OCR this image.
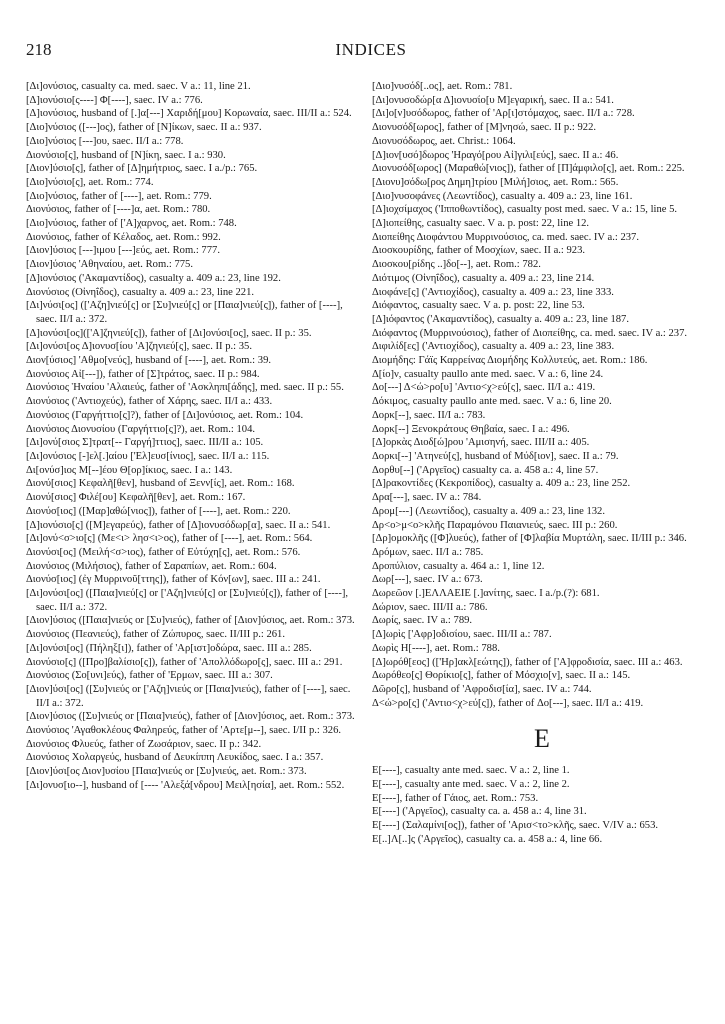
218	INDICES

[Δι]ονύσιος, casualty ca. med. saec. V a.: 11, line 21.

[Δ]ιονύσιο[ς----] Φ[----], saec. IV a.: 776.

[Δ]ιονύσιος, husband of [.]α[---] Χαριδή[μου] Κορωναία, saec. III/II a.: 524.

[Διο]νύσιος ([---]ος), father of [Ν]ίκων, saec. II a.: 937.

[Διο]νύσιος [---]ου, saec. II/I a.: 778.

Διονύσιο[ς], husband of [Ν]ίκη, saec. I a.: 930.

[Διον]ύσιο[ς], father of [Δ]ημήτριος, saec. I a./p.: 765.

[Διο]νύσιο[ς], aet. Rom.: 774.

[Διο]νύσιος, father of [----], aet. Rom.: 779.

Διονύσιος, father of [----]α, aet. Rom.: 780.

[Διο]νύσιος, father of ['Α]χαρνος, aet. Rom.: 748.

Διονύσιος, father of Κέλαδος, aet. Rom.: 992.

[Διον]ύσιος [---]ιμου [---]εύς, aet. Rom.: 777.

[Διον]ύσιος 'Αθηναίου, aet. Rom.: 775.

[Δ]ιονύσιος ('Ακαμαντίδος), casualty a. 409 a.: 23, line 192.

Διονύσιος (Οἰνηΐδος), casualty a. 409 a.: 23, line 221.

[Δι]νύσι[ος] (['Αζη]νιεύ[ς] or [Συ]νιεύ[ς] or [Παια]νιεύ[ς]), father of [----], saec. II/I a.: 372.

[Δ]ιονύσι[ος](['Α]ζηνιεύ[ς]), father of [Δι]ονύσι[ος], saec. II p.: 35.

[Δι]ονύσι[ος Δ]ιονυσ[ίου 'Α]ζηνιεύ[ς], saec. II p.: 35.

Διον[ύσιος] 'Αθμο[νεύς], husband of [----], aet. Rom.: 39.

Διονύσιος Αἰ[---]), father of [Σ]τράτος, saec. II p.: 984.

Διονύσιος Ἡναίου 'Αλαιεύς, father of 'Ασκληπι[άδης], med. saec. II p.: 55.

Διονύσιος ('Αντιοχεύς), father of Χάρης, saec. II/I a.: 433.

Διονύσιος (Γαργήττιο[ς]?), father of [Δι]ονύσιος, aet. Rom.: 104.

Διονύσιος Διονυσίου (Γαργήττιο[ς]?), aet. Rom.: 104.

[Δι]ονύ[σιος Σ]τρατ[-- Γαργή]ττιος], saec. III/II a.: 105.

[Δι]ονύσιος [-]ελ[.]αίου ['Ελ]ευσ[ίνιος], saec. II/I a.: 115.

Δι[ονύσ]ιος Μ[--]έου Θ[ορ]ίκιος, saec. I a.: 143.

Διονύ[σιος] Κεφαλῆ[θεν], husband of Ξενν[ίς], aet. Rom.: 168.

Διονύ[σιος] Φιλέ[ου] Κεφαλῆ[θεν], aet. Rom.: 167.

Διονύσ[ιος] ([Μαρ]αθώ[νιος]), father of [----], aet. Rom.: 220.

[Δ]ιονύσιο[ς] ([Μ]εγαρεύς), father of [Δ]ιονυσόδωρ[α], saec. II a.: 541.

[Δι]ονύ<σ>ιο[ς] (Με<ι> λησ<ι>ος), father of [----], aet. Rom.: 564.

Διονύσι[ος] (Μειλή<σ>ιος), father of Εὐτύχη[ς], aet. Rom.: 576.

Διονύσιος (Μιλήσιος), father of Σαραπίων, aet. Rom.: 604.

Διονύσ[ιος] (ἐγ Μυρρινοῦ[ττης]), father of Κόν[ων], saec. III a.: 241.

[Δι]ονύσι[ος] ([Παια]νιεύ[ς] or ['Αζη]νιεύ[ς] or [Συ]νιεύ[ς]), father of [----], saec. II/I a.: 372.

[Διον]ύσιος ([Παια]νιεύς or [Συ]νιεύς), father of [Διον]ύσιος, aet. Rom.: 373.

Διονύσιος (Πεανιεύς), father of Ζώπυρος, saec. II/III p.: 261.

[Δι]ονύσι[ος] (Πήληξ[ι]), father of 'Αρ[ιστ]οδώρα, saec. III a.: 285.

Διονύσιο[ς] ([Προ]βαλίσιο[ς]), father of 'Απολλόδωρο[ς], saec. III a.: 291.

Διονύσιος (Σο[υνι]εύς), father of 'Ερμων, saec. III a.: 307.

[Διον]ύσι[ος] ([Συ]νιεύς or ['Αζη]νιεύς or [Παια]νιεύς), father of [----], saec. II/I a.: 372.

[Διον]ύσιος ([Συ]νιεύς or [Παια]νιεύς), father of [Διον]ύσιος, aet. Rom.: 373.

Διονύσιος 'Αγαθοκλέους Φαληρεύς, father of 'Αρτε[μ--], saec. I/II p.: 326.

Διονύσιος Φλυεύς, father of Ζωσάριον, saec. II p.: 342.

Διονύσιος Χολαργεύς, husband of Δευκίππη Λευκίδος, saec. I a.: 357.

[Διον]ύσι[ος Διον]υσίου [Παια]νιεύς or [Συ]νιεύς, aet. Rom.: 373.

[Δι]ονυσ[ιο--], husband of [---- 'Αλεξά[νδρου] Μειλ[ησία], aet. Rom.: 552.

[Διο]νυσόδ[..ος], aet. Rom.: 781.

[Δι]ονυσοδώρ[α Δ]ιονυσίο[υ Μ]εγαρική, saec. II a.: 541.

[Δι]ο[ν]υσόδωρος, father of 'Αρ[ι]στόμαχος, saec. II/I a.: 728.

Διονυσόδ[ωρος], father of [Μ]νησώ, saec. II p.: 922.

Διονυσόδωρος, aet. Christ.: 1064.

[Δ]ιον[υσό]δωρος 'Ηραγό[ρου Αἰ]γιλι[εύς], saec. II a.: 46.

Διονυσόδ[ωρος] (Μαραθώ[νιος]), father of [Π]άμφιλο[ς], aet. Rom.: 225.

[Διονυ]σόδω[ρος Δημη]τρίου [Μιλή]σιος, aet. Rom.: 565.

[Διο]νυσοφάνες (Λεωντίδος), casualty a. 409 a.: 23, line 161.

[Δ]ιοχσίμαχος ('Ιπποθωντίδος), casualty post med. saec. V a.: 15, line 5.

[Δ]ιοπείθης, casualty saec. V a. p. post: 22, line 12.

Διοπείθης Διοφάντου Μυρρινούσιος, ca. med. saec. IV a.: 237.

Διοσκουρίδης, father of Μοσχίων, saec. II a.: 923.

Διοσκου[ρίδης ..]δο[--], aet. Rom.: 782.

Διότιμος (Οἰνηΐδος), casualty a. 409 a.: 23, line 214.

Διοφάνε[ς] ('Αντιοχίδος), casualty a. 409 a.: 23, line 333.

Διόφαντος, casualty saec. V a. p. post: 22, line 53.

[Δ]ιόφαντος ('Ακαμαντίδος), casualty a. 409 a.: 23, line 187.

Διόφαντος (Μυρρινούσιος), father of Διοπείθης, ca. med. saec. IV a.: 237.

Διφιλίδ[ες] ('Αντιοχίδος), casualty a. 409 a.: 23, line 383.

Διομήδης: Γάϊς Καρρείνας Διομήδης Κολλυτεύς, aet. Rom.: 186.

Δ[ίο]ν, casualty paullo ante med. saec. V a.: 6, line 24.

Δο[---] Δ<ώ>ρο[υ] 'Αντιο<χ>εύ[ς], saec. II/I a.: 419.

Δόκιμος, casualty paullo ante med. saec. V a.: 6, line 20.

Δορκ[--], saec. II/I a.: 783.

Δορκ[--] Ξενοκράτους Θηβαία, saec. I a.: 496.

[Δ]ορκὰς Διοδ[ώ]ρου 'Αμισηνή, saec. III/II a.: 405.

Δορκι[--] 'Ατηνεύ[ς], husband of Μύδ[ιον], saec. II a.: 79.

Δορθυ[--] ('Αργεῖος) casualty ca. a. 458 a.: 4, line 57.

[Δ]ρακοντίδες (Κεκροπίδος), casualty a. 409 a.: 23, line 252.

Δρα[---], saec. IV a.: 784.

Δρομ[---] (Λεωντίδος), casualty a. 409 a.: 23, line 132.

Δρ<ο>μ<ο>κλῆς Παραμόνου Παιανιεύς, saec. III p.: 260.

[Δρ]ομοκλῆς ([Φ]λυεύς), father of [Φ]λαβία Μυρτάλη, saec. II/III p.: 346.

Δρόμων, saec. II/I a.: 785.

Δροπύλιον, casualty a. 464 a.: 1, line 12.

Δωρ[---], saec. IV a.: 673.

Δωρεῶον [.]ΕΛΛΑΕΙΕ [.]ανίτης, saec. I a./p.(?): 681.

Δώριον, saec. III/II a.: 786.

Δωρίς, saec. IV a.: 789.

[Δ]ωρὶς ['Αφρ]οδισίου, saec. III/II a.: 787.

Δωρὶς Η[----], aet. Rom.: 788.

[Δ]ωρόθ[εος] (['Ηρ]ακλ[εώτης]), father of ['Α]φροδισία, saec. III a.: 463.

Δωρόθεο[ς] Θορίκιο[ς], father of Μόσχιο[ν], saec. II a.: 145.

Δῶρο[ς], husband of 'Αφροδισ[ία], saec. IV a.: 744.

Δ<ώ>ρο[ς] ('Αντιο<χ>εύ[ς]), father of Δο[---], saec. II/I a.: 419.

E

Ε[----], casualty ante med. saec. V a.: 2, line 1.

Ε[----], casualty ante med. saec. V a.: 2, line 2.

Ε[----], father of Γάιος, aet. Rom.: 753.

Ε[----] ('Αργεῖος), casualty ca. a. 458 a.: 4, line 31.

Ε[----] (Σαλαμίνι[ος]), father of 'Αρισ<το>κλῆς, saec. V/IV a.: 653.

Ε[..]Λ[..]ς ('Αργεῖος), casualty ca. a. 458 a.: 4, line 66.
